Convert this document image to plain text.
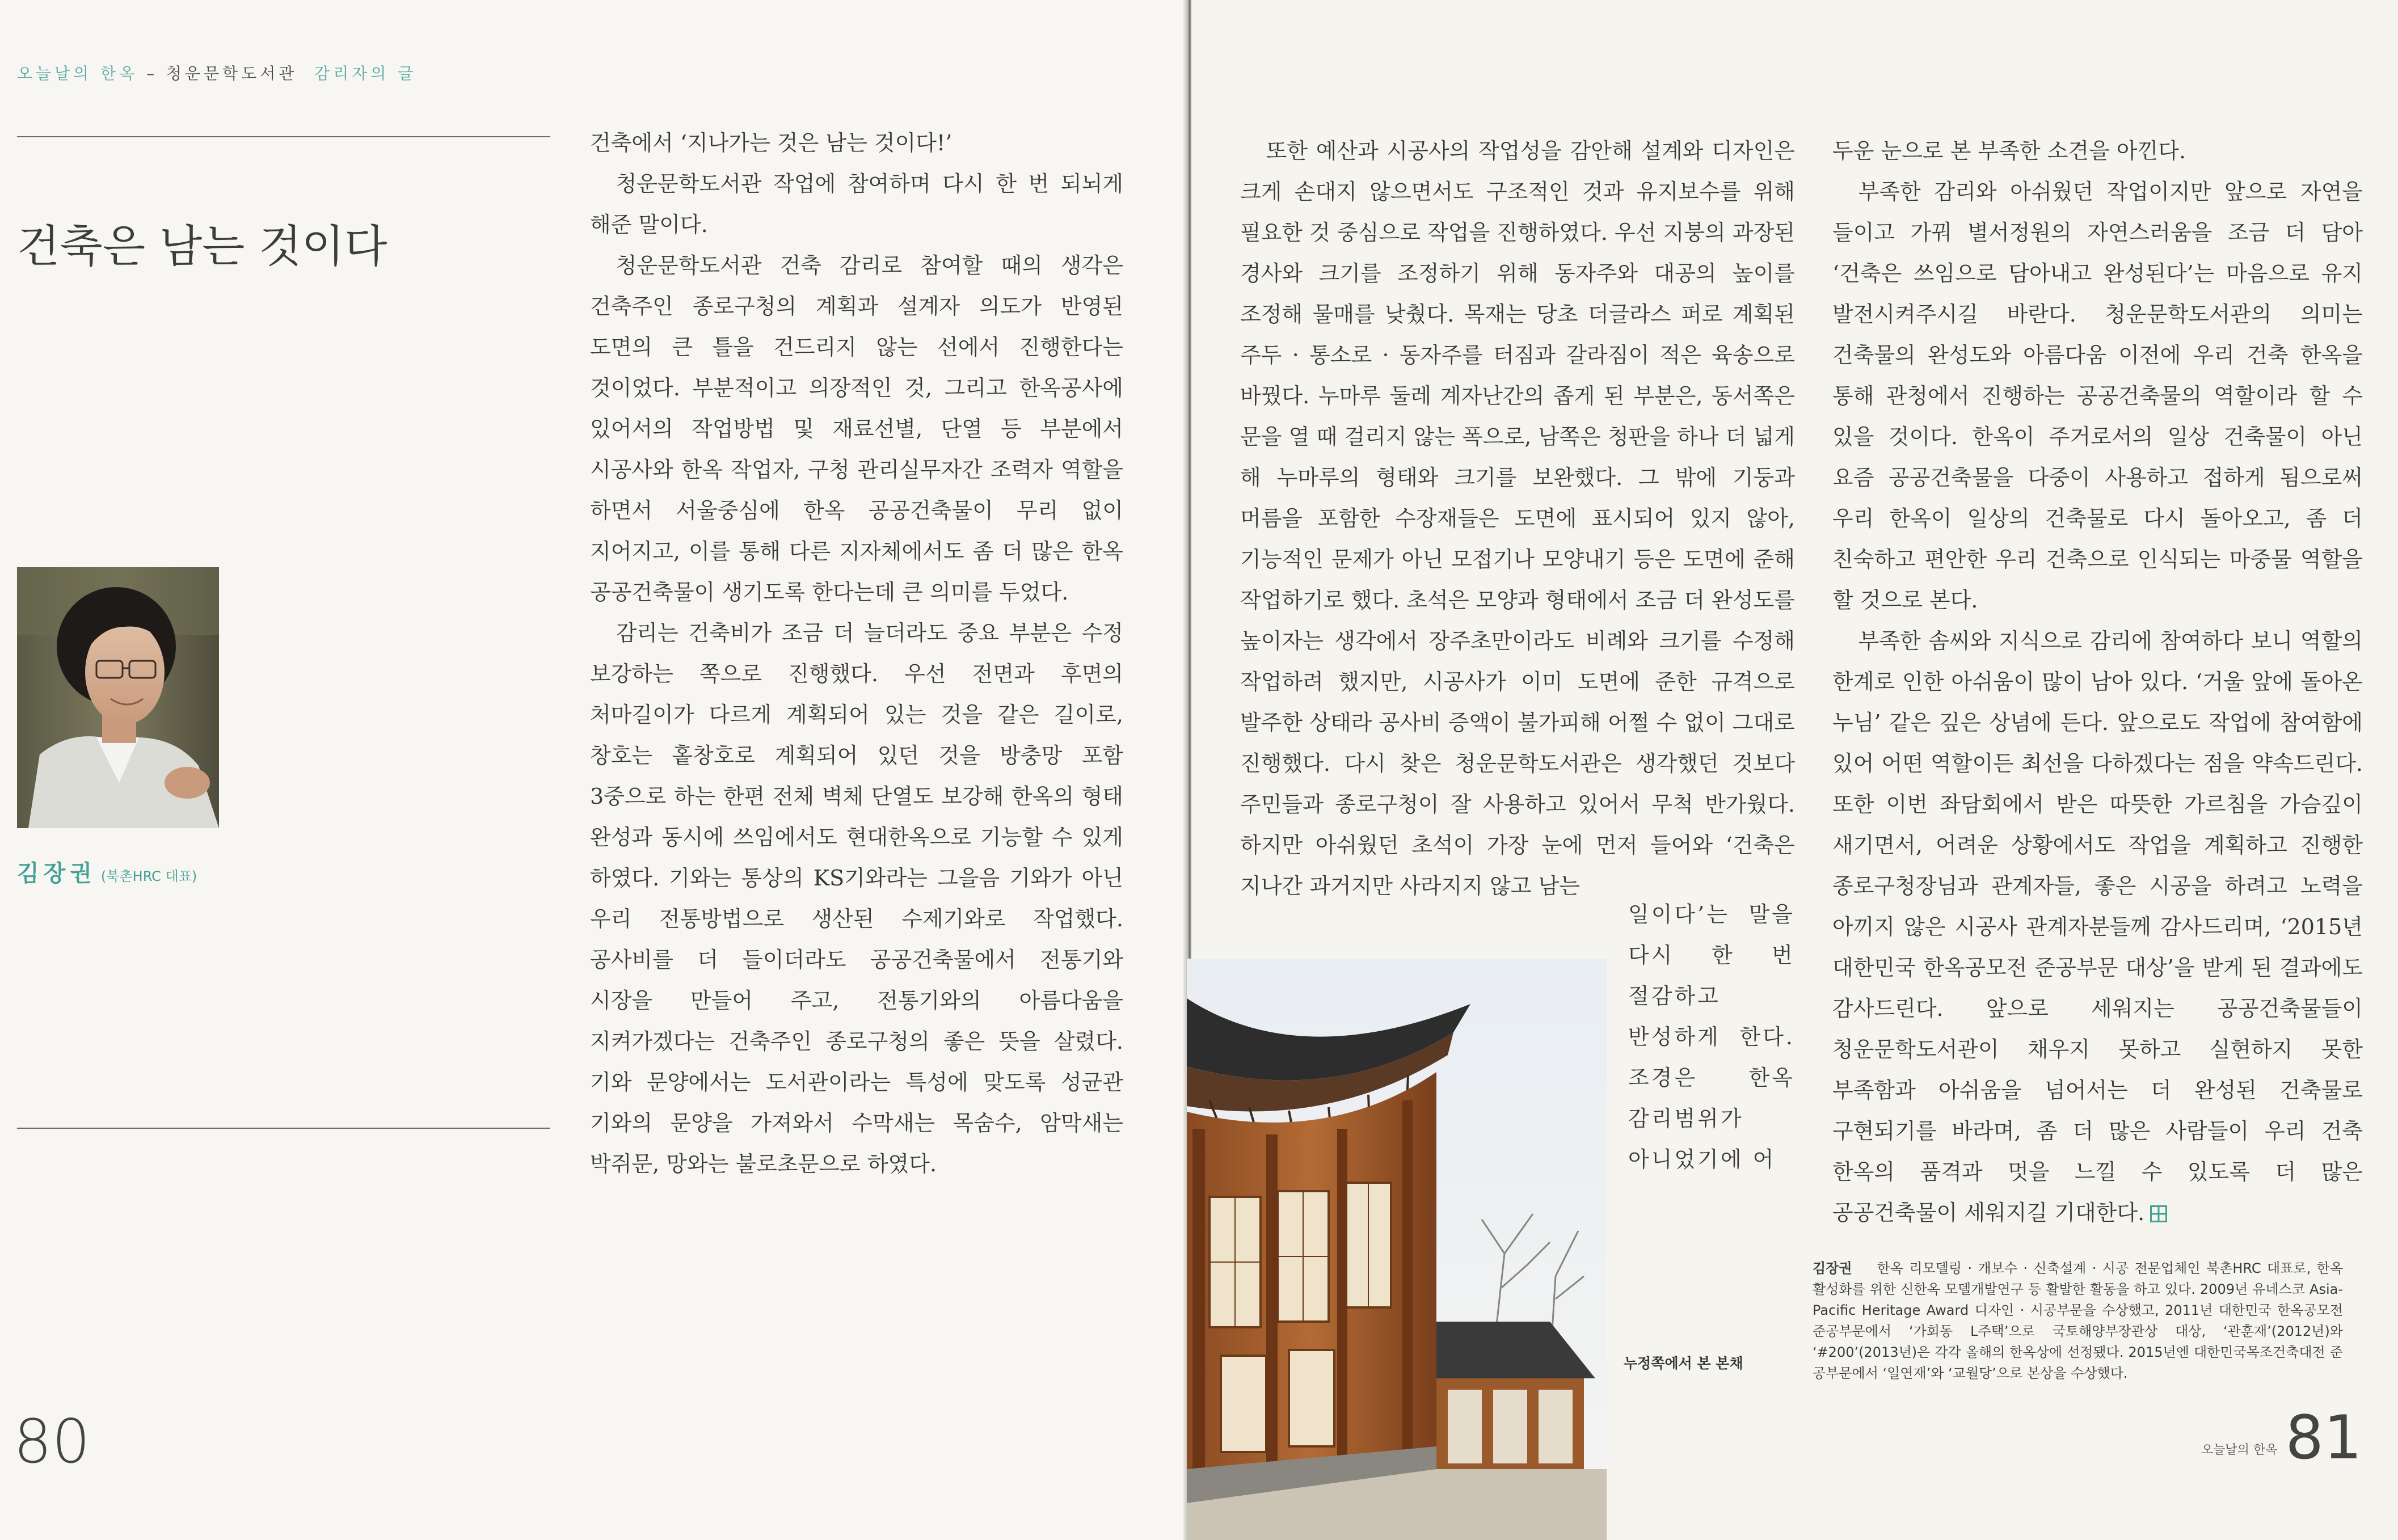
오늘날의 한옥 – 청운문학도서관 감리자의 글
건축은 남는 것이다
김장권 (북촌HRC 대표)

건축에서 ‘지나가는 것은 남는 것이다!’

청운문학도서관 작업에 참여하며 다시 한 번 되뇌게 해준 말이다.

청운문학도서관 건축 감리로 참여할 때의 생각은 건축주인 종로구청의 계획과 설계자 의도가 반영된 도면의 큰 틀을 건드리지 않는 선에서 진행한다는 것이었다. 부분적이고 의장적인 것, 그리고 한옥공사에 있어서의 작업방법 및 재료선별, 단열 등 부분에서 시공사와 한옥 작업자, 구청 관리실무자간 조력자 역할을 하면서 서울중심에 한옥 공공건축물이 무리 없이 지어지고, 이를 통해 다른 지자체에서도 좀 더 많은 한옥 공공건축물이 생기도록 한다는데 큰 의미를 두었다.

감리는 건축비가 조금 더 늘더라도 중요 부분은 수정 보강하는 쪽으로 진행했다. 우선 전면과 후면의 처마길이가 다르게 계획되어 있는 것을 같은 길이로, 창호는 홑창호로 계획되어 있던 것을 방충망 포함 3중으로 하는 한편 전체 벽체 단열도 보강해 한옥의 형태 완성과 동시에 쓰임에서도 현대한옥으로 기능할 수 있게 하였다. 기와는 통상의 KS기와라는 그을음 기와가 아닌 우리 전통방법으로 생산된 수제기와로 작업했다. 공사비를 더 들이더라도 공공건축물에서 전통기와 시장을 만들어 주고, 전통기와의 아름다움을 지켜가겠다는 건축주인 종로구청의 좋은 뜻을 살렸다. 기와 문양에서는 도서관이라는 특성에 맞도록 성균관 기와의 문양을 가져와서 수막새는 목숨수, 암막새는 박쥐문, 망와는 불로초문으로 하였다.

80

또한 예산과 시공사의 작업성을 감안해 설계와 디자인은 크게 손대지 않으면서도 구조적인 것과 유지보수를 위해 필요한 것 중심으로 작업을 진행하였다. 우선 지붕의 과장된 경사와 크기를 조정하기 위해 동자주와 대공의 높이를 조정해 물매를 낮췄다. 목재는 당초 더글라스 퍼로 계획된 주두 · 통소로 · 동자주를 터짐과 갈라짐이 적은 육송으로 바꿨다. 누마루 둘레 계자난간의 좁게 된 부분은, 동서쪽은 문을 열 때 걸리지 않는 폭으로, 남쪽은 청판을 하나 더 넓게 해 누마루의 형태와 크기를 보완했다. 그 밖에 기둥과 머름을 포함한 수장재들은 도면에 표시되어 있지 않아, 기능적인 문제가 아닌 모접기나 모양내기 등은 도면에 준해 작업하기로 했다. 초석은 모양과 형태에서 조금 더 완성도를 높이자는 생각에서 장주초만이라도 비례와 크기를 수정해 작업하려 했지만, 시공사가 이미 도면에 준한 규격으로 발주한 상태라 공사비 증액이 불가피해 어쩔 수 없이 그대로 진행했다. 다시 찾은 청운문학도서관은 생각했던 것보다 주민들과 종로구청이 잘 사용하고 있어서 무척 반가웠다. 하지만 아쉬웠던 초석이 가장 눈에 먼저 들어와 ‘건축은 지나간 과거지만 사라지지 않고 남는

일이다’는 말을 다시 한 번 절감하고 반성하게 한다. 조경은 한옥 감리범위가 아니었기에 어

두운 눈으로 본 부족한 소견을 아낀다.

부족한 감리와 아쉬웠던 작업이지만 앞으로 자연을 들이고 가꿔 별서정원의 자연스러움을 조금 더 담아 ‘건축은 쓰임으로 담아내고 완성된다’는 마음으로 유지 발전시켜주시길 바란다. 청운문학도서관의 의미는 건축물의 완성도와 아름다움 이전에 우리 건축 한옥을 통해 관청에서 진행하는 공공건축물의 역할이라 할 수 있을 것이다. 한옥이 주거로서의 일상 건축물이 아닌 요즘 공공건축물을 다중이 사용하고 접하게 됨으로써 우리 한옥이 일상의 건축물로 다시 돌아오고, 좀 더 친숙하고 편안한 우리 건축으로 인식되는 마중물 역할을 할 것으로 본다.

부족한 솜씨와 지식으로 감리에 참여하다 보니 역할의 한계로 인한 아쉬움이 많이 남아 있다. ‘거울 앞에 돌아온 누님’ 같은 깊은 상념에 든다. 앞으로도 작업에 참여함에 있어 어떤 역할이든 최선을 다하겠다는 점을 약속드린다. 또한 이번 좌담회에서 받은 따뜻한 가르침을 가슴깊이 새기면서, 어려운 상황에서도 작업을 계획하고 진행한 종로구청장님과 관계자들, 좋은 시공을 하려고 노력을 아끼지 않은 시공사 관계자분들께 감사드리며, ‘2015년 대한민국 한옥공모전 준공부문 대상’을 받게 된 결과에도 감사드린다. 앞으로 세워지는 공공건축물들이 청운문학도서관이 채우지 못하고 실현하지 못한 부족함과 아쉬움을 넘어서는 더 완성된 건축물로 구현되기를 바라며, 좀 더 많은 사람들이 우리 건축 한옥의 품격과 멋을 느낄 수 있도록 더 많은 공공건축물이 세워지길 기대한다.

누정쪽에서 본 본채

김장권 한옥 리모델링 · 개보수 · 신축설계 · 시공 전문업체인 북촌HRC 대표로, 한옥 활성화를 위한 신한옥 모델개발연구 등 활발한 활동을 하고 있다. 2009년 유네스코 Asia-Pacific Heritage Award 디자인 · 시공부문을 수상했고, 2011년 대한민국 한옥공모전 준공부문에서 ‘가회동 L주택’으로 국토해양부장관상 대상, ‘관훈재’(2012년)와 ‘#200’(2013년)은 각각 올해의 한옥상에 선정됐다. 2015년엔 대한민국목조건축대전 준공부문에서 ‘일연재’와 ‘교월당’으로 본상을 수상했다.

오늘날의 한옥 81
